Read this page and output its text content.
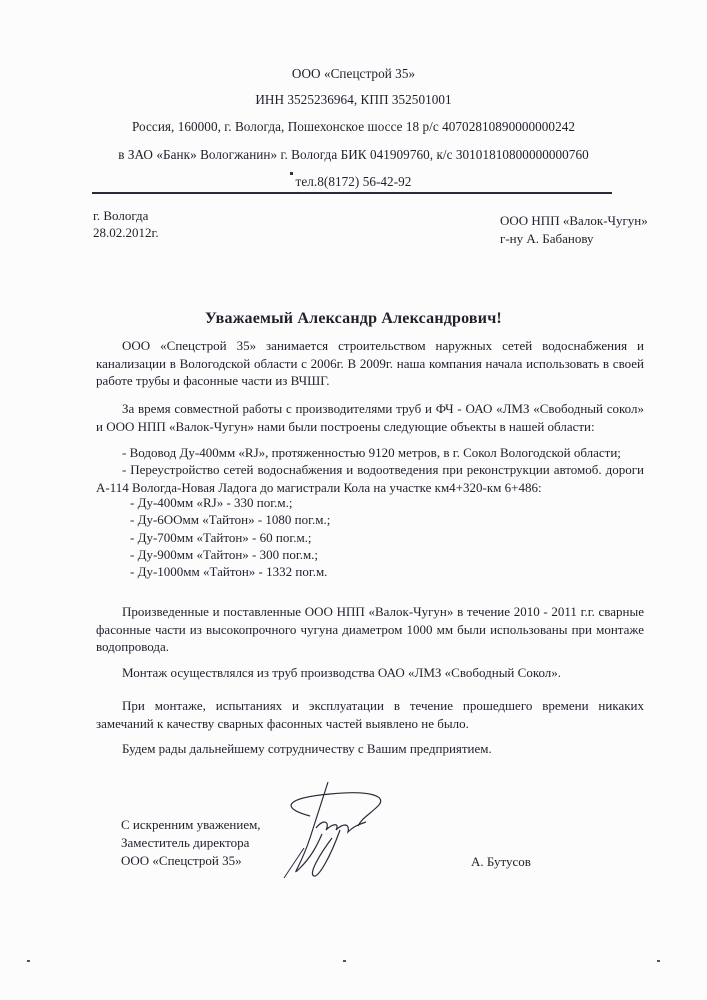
ООО «Спецстрой 35»
ИНН 3525236964, КПП 352501001
Россия, 160000, г. Вологда, Пошехонское шоссе 18 р/с 40702810890000000242
в ЗАО «Банк» Вологжанин» г. Вологда БИК 041909760, к/с 30101810800000000760
тел.8(8172) 56-42-92
г. Вологда
28.02.2012г.
ООО НПП «Валок-Чугун»
г-ну А. Бабанову
Уважаемый Александр Александрович!
ООО «Спецстрой 35» занимается строительством наружных сетей водоснабжения и канализации в Вологодской области с 2006г. В 2009г. наша компания начала использовать в своей работе трубы и фасонные части из ВЧШГ.
За время совместной работы с производителями труб и ФЧ - ОАО «ЛМЗ «Свободный сокол» и ООО НПП «Валок-Чугун» нами были построены следующие объекты в нашей области:
- Водовод Ду-400мм «RJ», протяженностью 9120 метров, в г. Сокол Вологодской области;
- Переустройство сетей водоснабжения и водоотведения при реконструкции автомоб. дороги А-114 Вологда-Новая Ладога до магистрали Кола на участке км4+320-км 6+486:
- Ду-400мм «RJ» - 330 пог.м.;
- Ду-6OOмм «Тайтон» - 1080 пог.м.;
- Ду-700мм «Тайтон» - 60 пог.м.;
- Ду-900мм «Тайтон» - 300 пог.м.;
- Ду-1000мм «Тайтон» - 1332 пог.м.
Произведенные и поставленные ООО НПП «Валок-Чугун» в течение 2010 - 2011 г.г. сварные фасонные части из высокопрочного чугуна диаметром 1000 мм были использованы при монтаже водопровода.
Монтаж осуществлялся из труб производства ОАО «ЛМЗ «Свободный Сокол».
При монтаже, испытаниях и эксплуатации в течение прошедшего времени никаких замечаний к качеству сварных фасонных частей выявлено не было.
Будем рады дальнейшему сотрудничеству с Вашим предприятием.
С искренним уважением,
Заместитель директора
ООО «Спецстрой 35»	А. Бутусов
